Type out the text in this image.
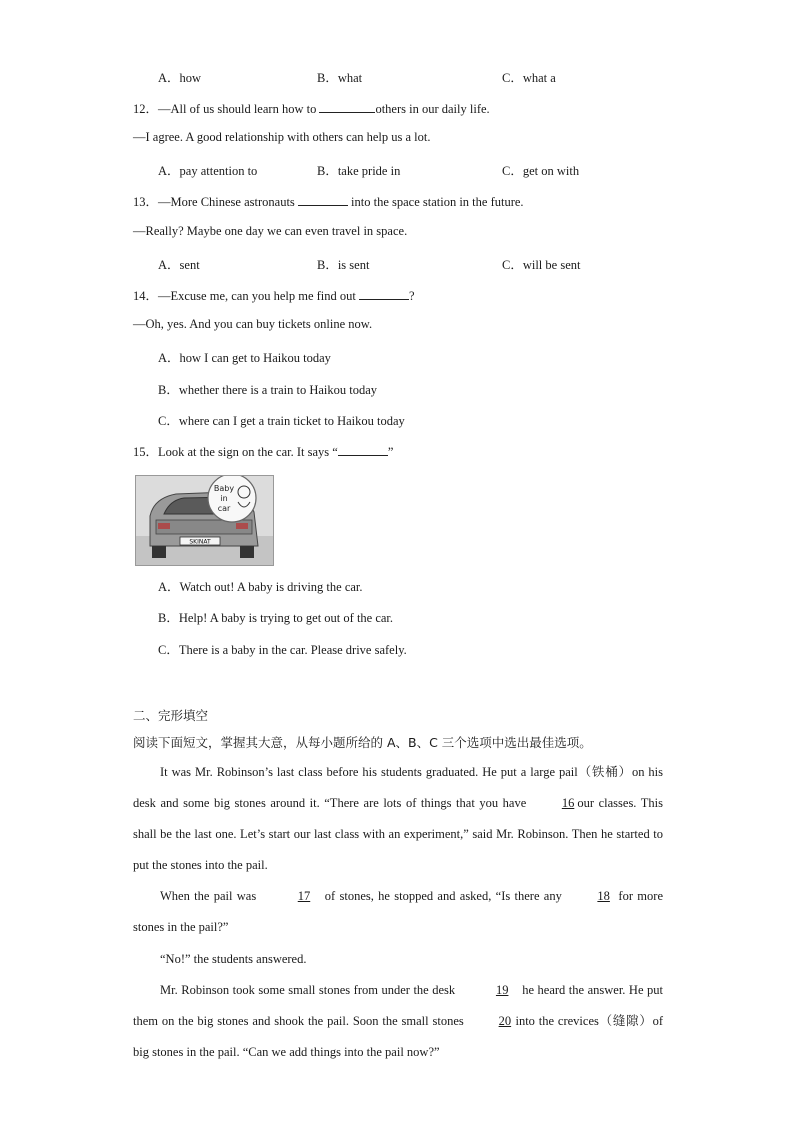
A．how	B．what	C．what a
12．—All of us should learn how to	others in our daily life.
—I agree. A good relationship with others can help us a lot.
A．pay attention to	B．take pride in	C．get on with
13．—More Chinese astronauts	into the space station in the future.
—Really? Maybe one day we can even travel in space.
A．sent	B．is sent	C．will be sent
14．—Excuse me, can you help me find out	?
—Oh, yes. And you can buy tickets online now.
A．how I can get to Haikou today
B．whether there is a train to Haikou today
C．where can I get a train ticket to Haikou today
15．Look at the sign on the car. It says “	”
SKINAT
Baby
in
car
A．Watch out! A baby is driving the car.
B．Help! A baby is trying to get out of the car.
C．There is a baby in the car. Please drive safely.
二、完形填空
阅读下面短文，掌握其大意，从每小题所给的 A、B、C 三个选项中选出最佳选项。
It was Mr. Robinson’s last class before his students graduated. He put a large pail（铁桶）on his desk and some big stones around it. “There are lots of things that you have 16 our classes. This shall be the last one. Let’s start our last class with an experiment,” said Mr. Robinson. Then he started to put the stones into the pail.
When the pail was	17 of stones, he stopped and asked, “Is there any	18 for more stones in the pail?”
“No!” the students answered.
Mr. Robinson took some small stones from under the desk	19 he heard the answer. He put them on the big stones and shook the pail. Soon the small stones 20 into the crevices（缝隙）of big stones in the pail. “Can we add things into the pail now?”
